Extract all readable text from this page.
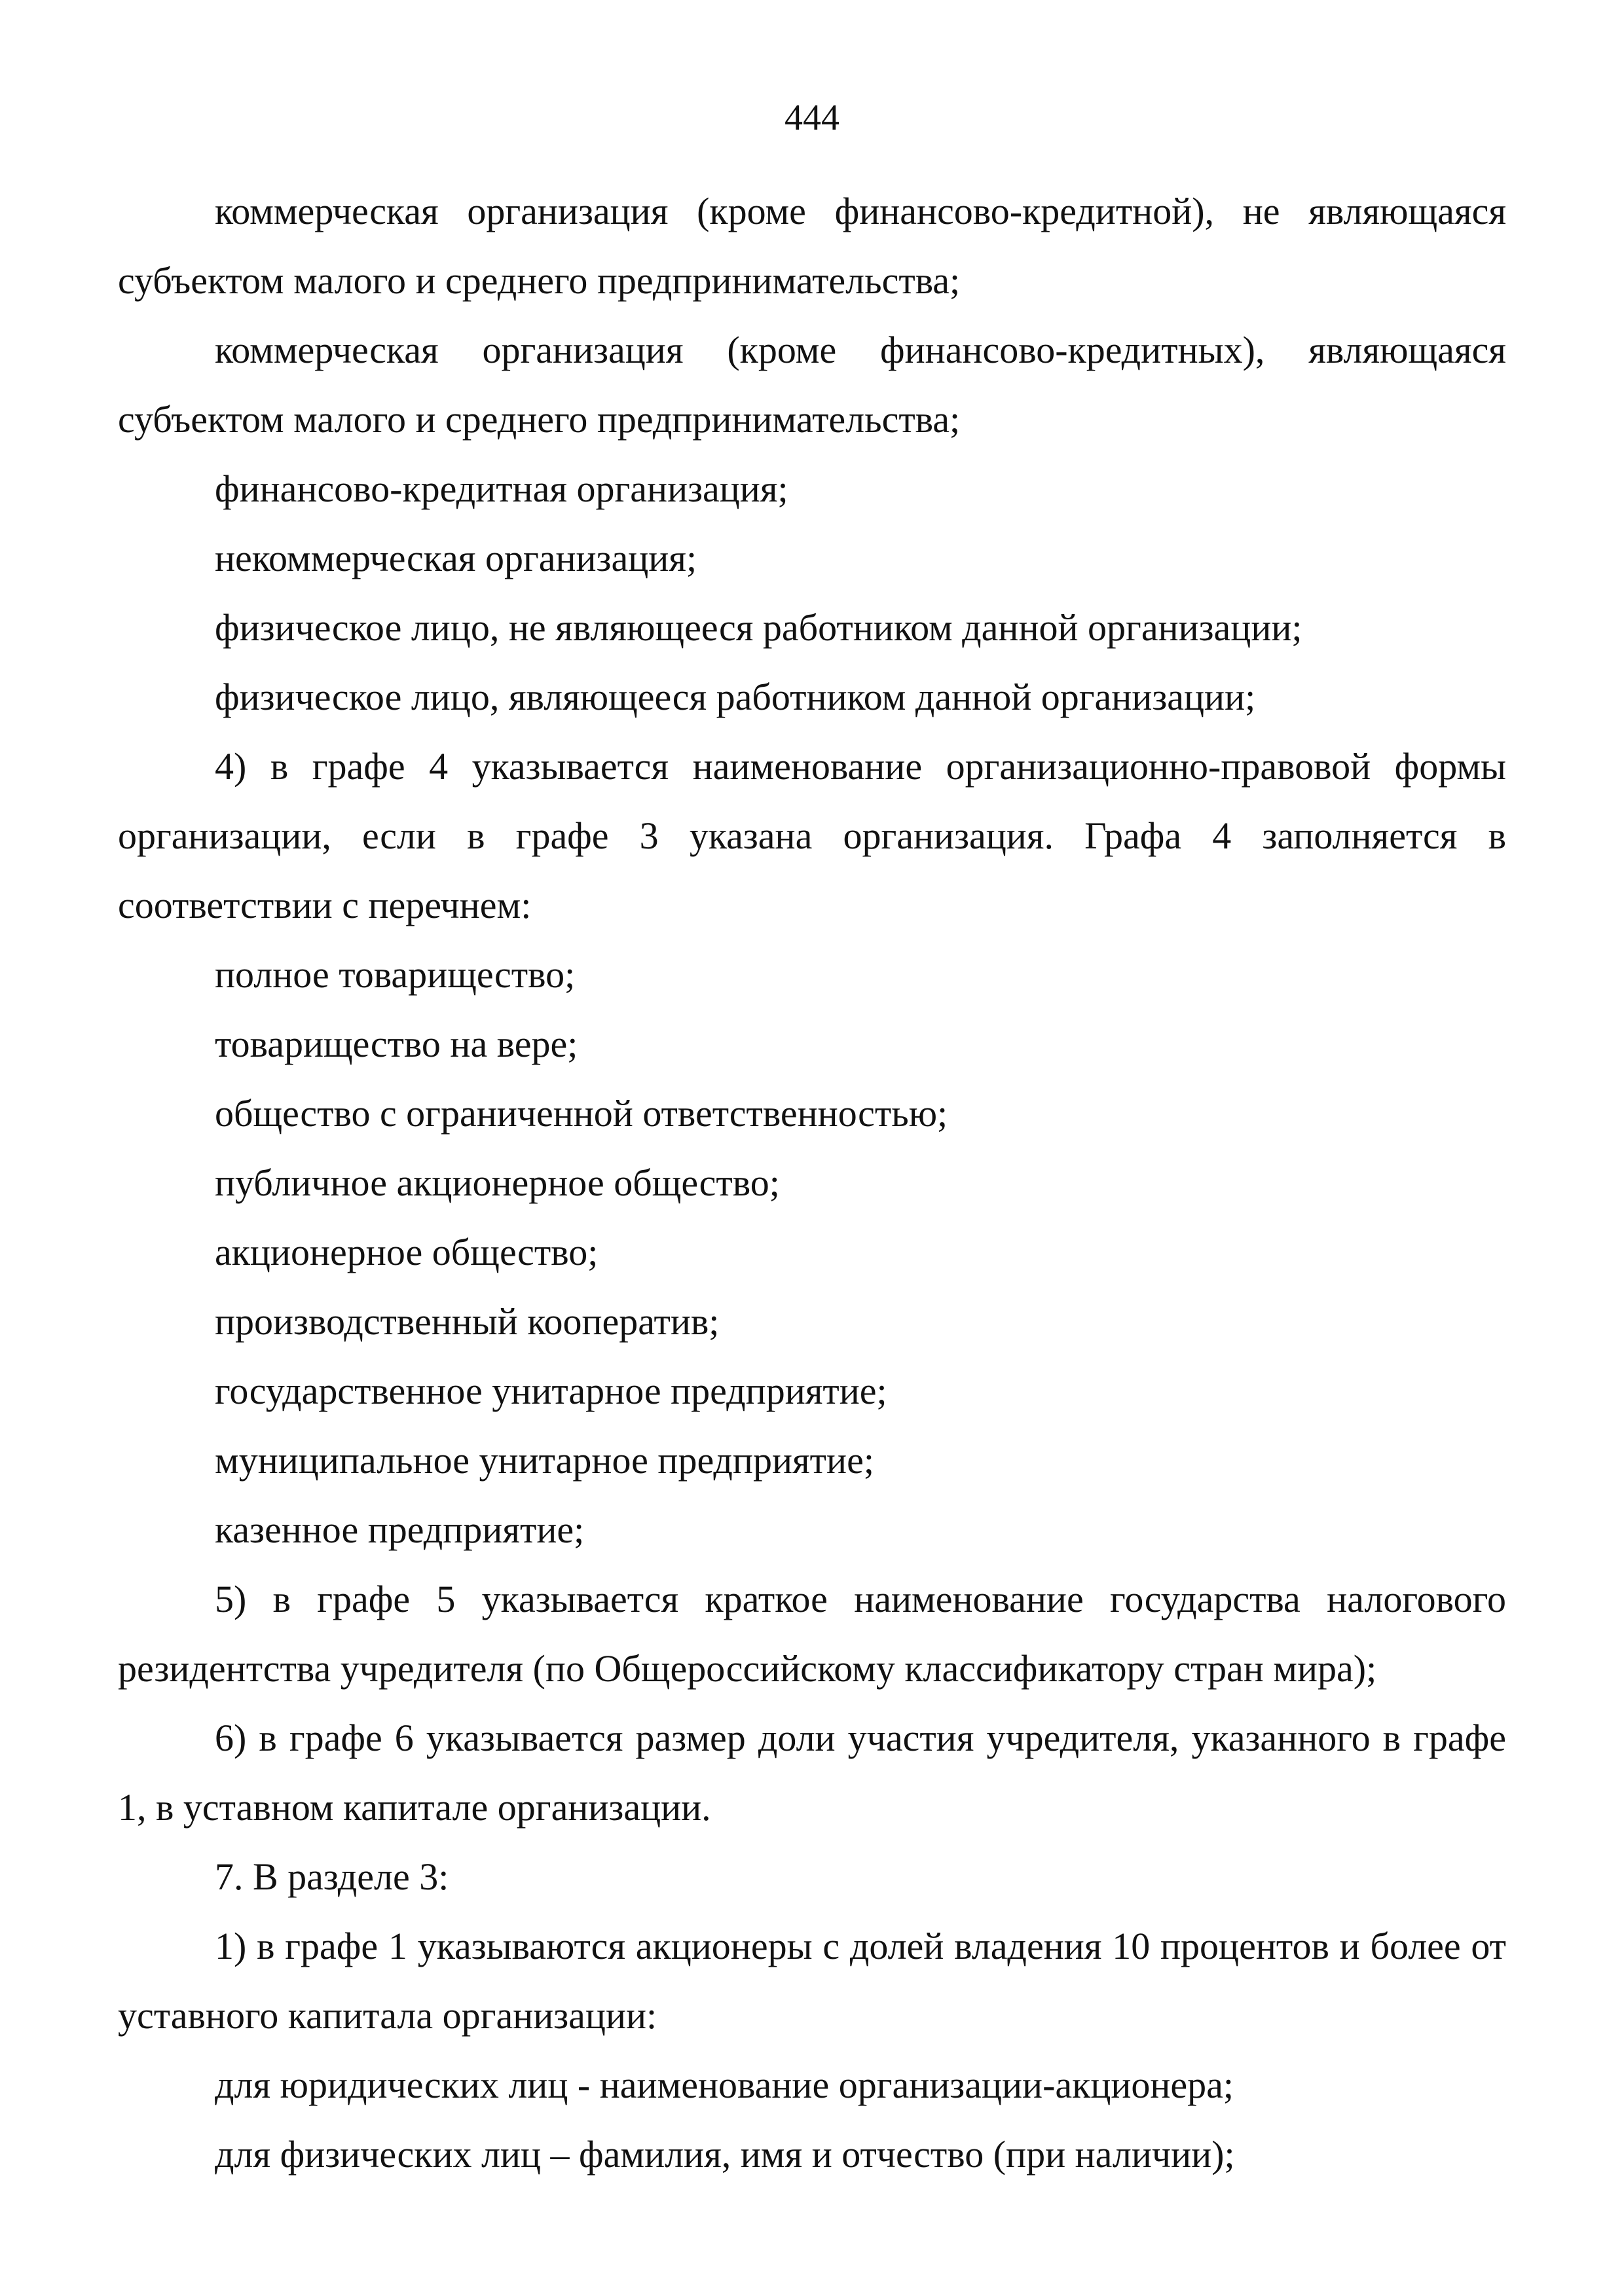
444

коммерческая организация (кроме финансово-кредитной), не являющаяся субъектом малого и среднего предпринимательства;

коммерческая организация (кроме финансово-кредитных), являющаяся субъектом малого и среднего предпринимательства;

финансово-кредитная организация;

некоммерческая организация;

физическое лицо, не являющееся работником данной организации;

физическое лицо, являющееся работником данной организации;

4) в графе 4 указывается наименование организационно-правовой формы организации, если в графе 3 указана организация. Графа 4 заполняется в соответствии с перечнем:

полное товарищество;

товарищество на вере;

общество с ограниченной ответственностью;

публичное акционерное общество;

акционерное общество;

производственный кооператив;

государственное унитарное предприятие;

муниципальное унитарное предприятие;

казенное предприятие;

5) в графе 5 указывается краткое наименование государства налогового резидентства учредителя (по Общероссийскому классификатору стран мира);

6) в графе 6 указывается размер доли участия учредителя, указанного в графе 1, в уставном капитале организации.

7. В разделе 3:

1) в графе 1 указываются акционеры с долей владения 10 процентов и более от уставного капитала организации:

для юридических лиц - наименование организации-акционера;

для физических лиц – фамилия, имя и отчество (при наличии);
